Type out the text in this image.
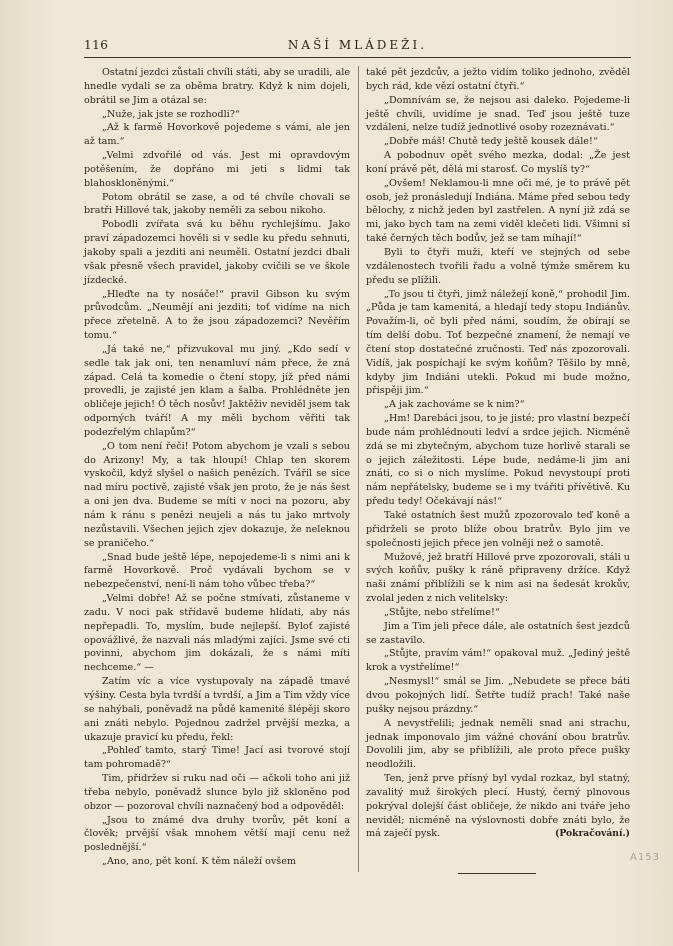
116	NAŠÍ MLÁDEŽI.

Ostatní jezdci zůstali chvíli státi, aby se uradili, ale hnedle vydali se za oběma bratry. Když k nim dojeli, obrátil se Jim a otázal se:

„Nuže, jak jste se rozhodli?“

„Až k farmě Hovorkově pojedeme s vámi, ale jen až tam.“

„Velmi zdvořilé od vás. Jest mi opravdovým potěšením, že dopřáno mi jeti s lidmi tak blahoskloněnými.“

Potom obrátil se zase, a od té chvíle chovali se bratři Hillové tak, jakoby neměli za sebou nikoho.

Pobodli zvířata svá ku běhu rychlejšímu. Jako praví západozemci hověli si v sedle ku předu sehnuti, jakoby spali a jezditi ani neuměli. Ostatní jezdci dbali však přesně všech pravidel, jakoby cvičili se ve škole jízdecké.

„Hleďte na ty nosáče!“ pravil Gibson ku svým průvodcům. „Neumějí ani jezditi; toť vidíme na nich přece zřetelně. A to že jsou západozemci? Nevěřím tomu.“

„Já také ne,“ přizvukoval mu jiný. „Kdo sedí v sedle tak jak oni, ten nenamluví nám přece, že zná západ. Celá ta komedie o čtení stopy, jíž před námi provedli, je zajisté jen klam a šalba. Prohlédněte jen obličeje jejich! Ó těch nosův! Jaktěživ neviděl jsem tak odporných tváří! A my měli bychom věřiti tak podezřelým chlapům?“

„O tom není řeči! Potom abychom je vzali s sebou do Arizony! My, a tak hloupí! Chlap ten skorem vyskočil, když slyšel o našich penězích. Tvářil se sice nad míru poctivě, zajisté však jen proto, že je nás šest a oni jen dva. Budeme se míti v noci na pozoru, aby nám k ránu s penězi neujeli a nás tu jako mrtvoly nezůstavili. Všechen jejich zjev dokazuje, že neleknou se praničeho.“

„Snad bude ještě lépe, nepojedeme-li s nimi ani k farmě Hovorkově. Proč vydávali bychom se v nebezpečenství, není-li nám toho vůbec třeba?“

„Velmi dobře! Až se počne stmívati, zůstaneme v zadu. V noci pak střídavě budeme hlídati, aby nás nepřepadli. To, myslím, bude nejlepší. Byloť zajisté opovážlivé, že nazvali nás mladými zajíci. Jsme své cti povinni, abychom jim dokázali, že s námi míti nechceme.“ —

Zatím víc a více vystupovaly na západě tmavé výšiny. Cesta byla tvrdší a tvrdší, a Jim a Tim vždy více se nahýbali, poněvadž na půdě kamenité šlépěji skoro ani znáti nebylo. Pojednou zadržel prvější mezka, a ukazuje pravicí ku předu, řekl:

„Pohleď tamto, starý Time! Jací asi tvorové stojí tam pohromadě?“

Tim, přidržev si ruku nad oči — ačkoli toho ani již třeba nebylo, poněvadž slunce bylo již skloněno pod obzor — pozoroval chvíli naznačený bod a odpověděl:

„Jsou to známé dva druhy tvorův, pět koní a člověk; prvější však mnohem větší mají cenu než poslednější.“

„Ano, ano, pět koní. K těm náleží ovšem

také pět jezdcův, a ježto vidím toliko jednoho, zvěděl bych rád, kde vězí ostatní čtyři.“

„Domnívám se, že nejsou asi daleko. Pojedeme-li ještě chvíli, uvidíme je snad. Teď jsou ještě tuze vzdáleni, nelze tudíž jednotlivé osoby rozeznávati.“

„Dobře máš! Chutě tedy ještě kousek dále!“

A pobodnuv opět svého mezka, dodal: „Že jest koní právě pět, dělá mi starosť. Co myslíš ty?“

„Ovšem! Neklamou-li mne oči mé, je to právě pět osob, jež pronásledují Indiána. Máme před sebou tedy bělochy, z nichž jeden byl zastřelen. A nyní již zdá se mi, jako bych tam na zemi viděl klečeti lidi. Všimni si také černých těch bodův, jež se tam míhají!“

Byli to čtyři muži, kteří ve stejných od sebe vzdálenostech tvořili řadu a volně týmže směrem ku předu se plížili.

„To jsou ti čtyři, jimž náležejí koně,“ prohodil Jim. „Půda je tam kamenitá, a hledají tedy stopu Indiánův. Považím-li, oč byli před námi, soudím, že obírají se tím delší dobu. Toť bezpečné znamení, že nemají ve čtení stop dostatečné zručnosti. Teď nás zpozorovali. Vidíš, jak pospíchají ke svým koňům? Těšilo by mně, kdyby jim Indiáni utekli. Pokud mi bude možno, přispěji jim.“

„A jak zachováme se k nim?“

„Hm! Darebáci jsou, to je jisté; pro vlastní bezpečí bude nám prohlédnouti ledví a srdce jejich. Nicméně zdá se mi zbytečným, abychom tuze horlivě starali se o jejich záležitosti. Lépe bude, nedáme-li jim ani znáti, co si o nich myslíme. Pokud nevystoupí proti nám nepřátelsky, budeme se i my tvářiti přívětivě. Ku předu tedy! Očekávají nás!“

Také ostatních šest mužů zpozorovalo teď koně a přidrželi se proto blíže obou bratrův. Bylo jim ve společnosti jejich přece jen volněji než o samotě.

Mužové, jež bratří Hillové prve zpozorovali, stáli u svých koňův, pušky k ráně připraveny držíce. Když naši známí přiblížili se k nim asi na šedesát krokův, zvolal jeden z nich velitelsky:

„Stůjte, nebo střelíme!“

Jim a Tim jeli přece dále, ale ostatních šest jezdců se zastavilo.

„Stůjte, pravím vám!“ opakoval muž. „Jediný ještě krok a vystřelíme!“

„Nesmysl!“ smál se Jim. „Nebudete se přece báti dvou pokojných lidí. Šetřte tudíž prach! Také naše pušky nejsou prázdny.“

A nevystřelili; jednak neměli snad ani strachu, jednak imponovalo jim vážné chování obou bratrův. Dovolili jim, aby se přiblížili, ale proto přece pušky neodložili.

Ten, jenž prve přísný byl vydal rozkaz, byl statný, zavalitý muž širokých plecí. Hustý, černý plnovous pokrýval dolejší část obličeje, že nikdo ani tváře jeho neviděl; nicméně na výslovnosti dobře znáti bylo, že má zaječí pysk.	(Pokračování.)

A153
